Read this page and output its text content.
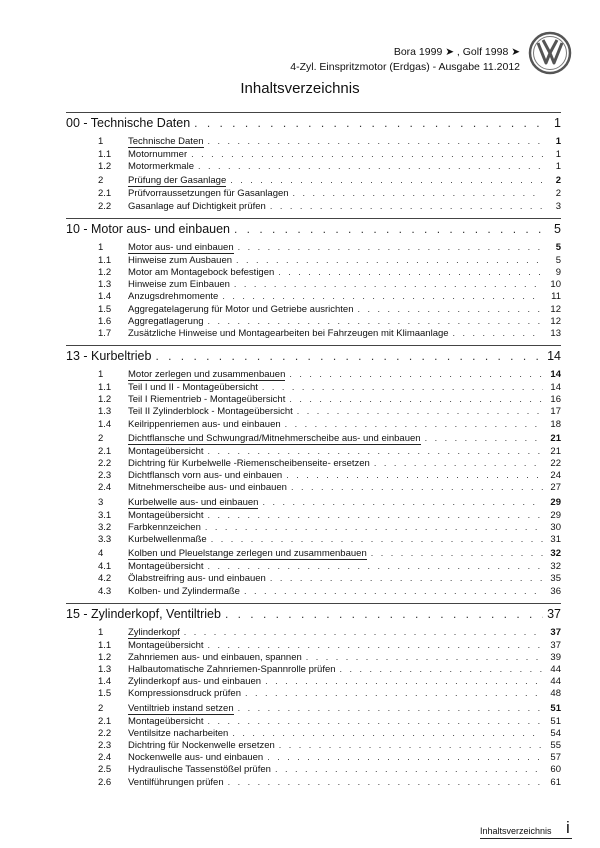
Bora 1999 ➤ , Golf 1998 ➤
4-Zyl. Einspritzmotor (Erdgas) - Ausgabe 11.2012
Inhaltsverzeichnis
00 - Technische Daten . . .	1
1	Technische Daten . . .	1
1.1	Motornummer . . .	1
1.2	Motormerkmale . . .	1
2	Prüfung der Gasanlage . . .	2
2.1	Prüfvorraussetzungen für Gasanlagen . . .	2
2.2	Gasanlage auf Dichtigkeit prüfen . . .	3
10 - Motor aus- und einbauen . . .	5
1	Motor aus- und einbauen . . .	5
1.1	Hinweise zum Ausbauen . . .	5
1.2	Motor am Montagebock befestigen . . .	9
1.3	Hinweise zum Einbauen . . .	10
1.4	Anzugsdrehmomente . . .	11
1.5	Aggregatelagerung für Motor und Getriebe ausrichten . . .	12
1.6	Aggregatlagerung . . .	12
1.7	Zusätzliche Hinweise und Montagearbeiten bei Fahrzeugen mit Klimaanlage . . .	13
13 - Kurbeltrieb . . .	14
1	Motor zerlegen und zusammenbauen . . .	14
1.1	Teil I und II - Montageübersicht . . .	14
1.2	Teil I Riementrieb - Montageübersicht . . .	16
1.3	Teil II Zylinderblock - Montageübersicht . . .	17
1.4	Keilrippenriemen aus- und einbauen . . .	18
2	Dichtflansche und Schwungrad/Mitnehmerscheibe aus- und einbauen . . .	21
2.1	Montageübersicht . . .	21
2.2	Dichtring für Kurbelwelle -Riemenscheibenseite- ersetzen . . .	22
2.3	Dichtflansch vorn aus- und einbauen . . .	24
2.4	Mitnehmerscheibe aus- und einbauen . . .	27
3	Kurbelwelle aus- und einbauen . . .	29
3.1	Montageübersicht . . .	29
3.2	Farbkennzeichen . . .	30
3.3	Kurbelwellenmaße . . .	31
4	Kolben und Pleuelstange zerlegen und zusammenbauen . . .	32
4.1	Montageübersicht . . .	32
4.2	Ölabstreifring aus- und einbauen . . .	35
4.3	Kolben- und Zylindermaße . . .	36
15 - Zylinderkopf, Ventiltrieb . . .	37
1	Zylinderkopf . . .	37
1.1	Montageübersicht . . .	37
1.2	Zahnriemen aus- und einbauen, spannen . . .	39
1.3	Halbautomatische Zahnriemen-Spannrolle prüfen . . .	44
1.4	Zylinderkopf aus- und einbauen . . .	44
1.5	Kompressionsdruck prüfen . . .	48
2	Ventiltrieb instand setzen . . .	51
2.1	Montageübersicht . . .	51
2.2	Ventilsitze nacharbeiten . . .	54
2.3	Dichtring für Nockenwelle ersetzen . . .	55
2.4	Nockenwelle aus- und einbauen . . .	57
2.5	Hydraulische Tassenstößel prüfen . . .	60
2.6	Ventilführungen prüfen . . .	61
Inhaltsverzeichnis i
